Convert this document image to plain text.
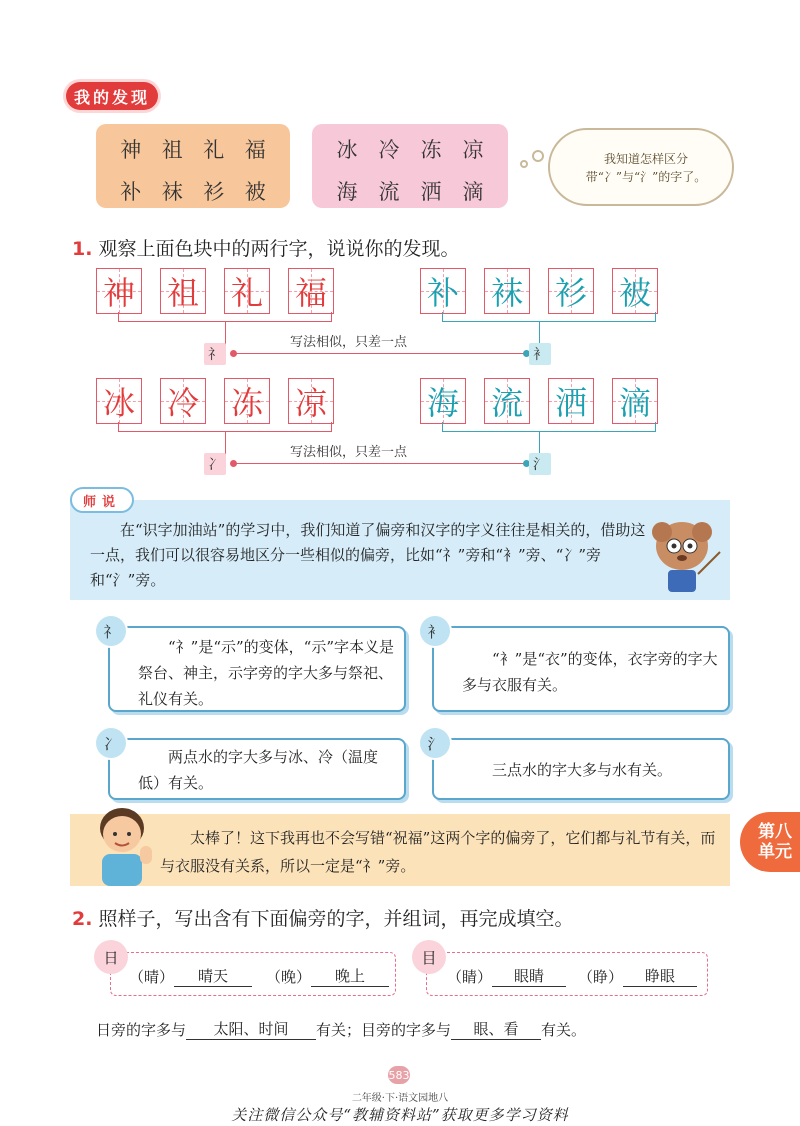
我 的 发 现
神 祖 礼 福
补 袜 衫 被
冰	冷	冻	凉
海	流	洒	滴
我知道怎样区分带“冫”与“氵”的字了。
1. 观察上面色块中的两行字，说说你的发现。
神 祖 礼 福	补 袜 衫 被
礻	衤
写法相似，只差一点
冰 冷 冻 凉	海 流 洒 滴
冫	氵
写法相似，只差一点
在“识字加油站”的学习中，我们知道了偏旁和汉字的字义往往是相关的，借助这一点，我们可以很容易地区分一些相似的偏旁，比如“礻”旁和“衤”旁、“冫”旁和“氵”旁。
师说
“礻”是“示”的变体，“示”字本义是祭台、神主，示字旁的字大多与祭祀、礼仪有关。
礻
“衤”是“衣”的变体，衣字旁的字大多与衣服有关。
衤
两点水的字大多与冰、冷（温度低）有关。
冫
三点水的字大多与水有关。
氵
太棒了！这下我再也不会写错“祝福”这两个字的偏旁了，它们都与礼节有关，而与衣服没有关系，所以一定是“礻”旁。
第八
单元
2. 照样子，写出含有下面偏旁的字，并组词，再完成填空。
（晴）	晴天	（晚）	晚上
日
（睛）	眼睛	（睁）	睁眼
目
日旁的字多与	太阳、时间	有关；目旁的字多与	眼、看	有关。
583
二年级·下·语文园地八
关注微信公众号“教辅资料站”获取更多学习资料
